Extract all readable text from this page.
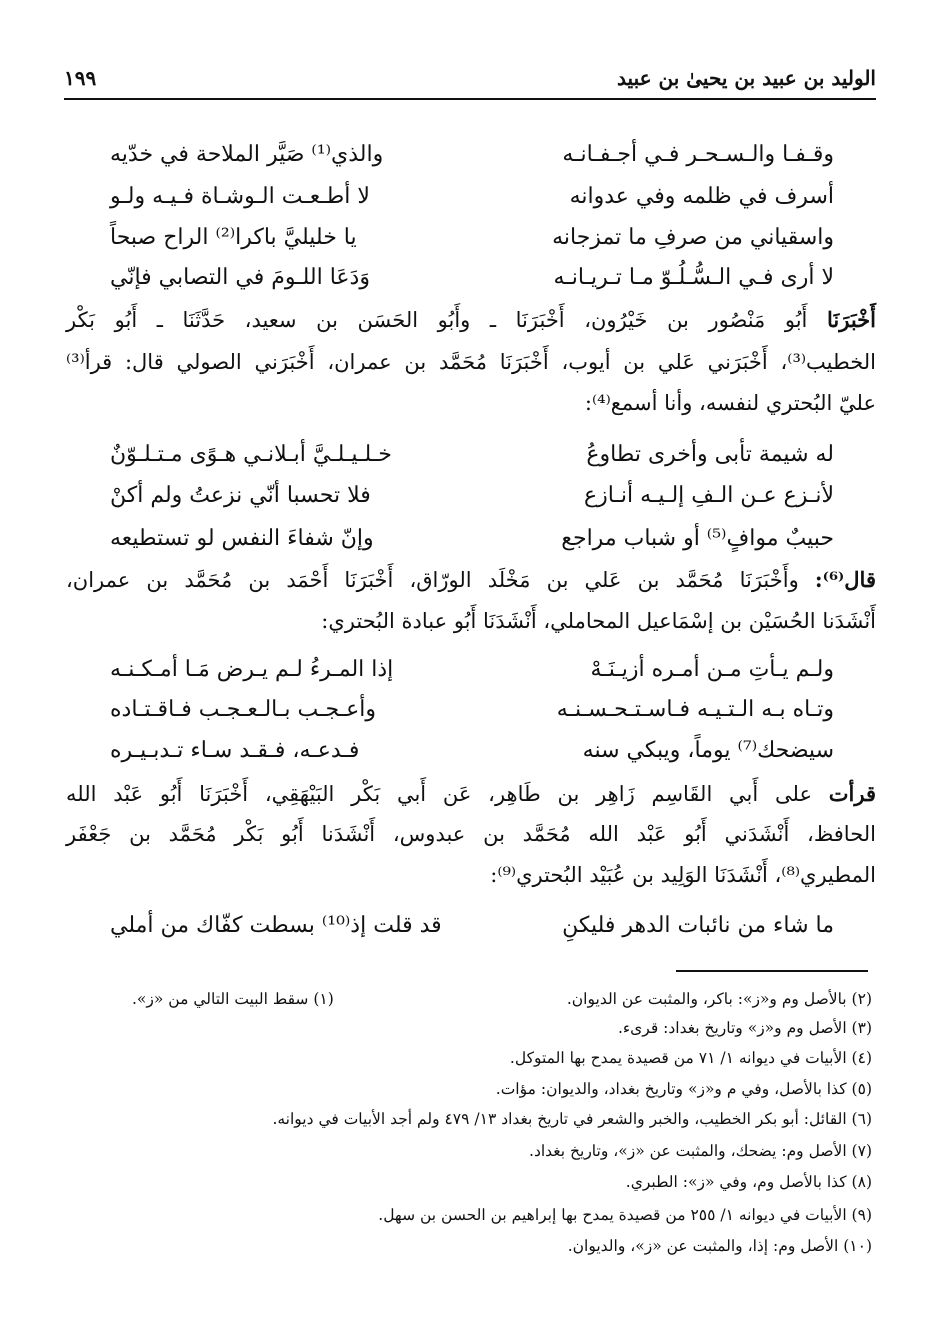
١٩٩	الوليد بن عبيد بن يحيىٰ بن عبيد
والذي⁽¹⁾ صَيَّر الملاحة في خدّيه	وقـفـا والـسـحـر فـي أجـفـانـه
لا أطـعـت الـوشـاة فـيـه ولـو	أسرف في ظلمه وفي عدوانه
يا خليليَّ باكرا⁽²⁾ الراح صبحاً	واسقياني من صرفِ ما تمزجانه
وَدَعَا اللـومَ في التصابي فإنّي	لا أرى فـي الـسُّـلُـوّ مـا تـريـانـه
أَخْبَرَنَا أَبُو مَنْصُور بن خَيْرُون، أَخْبَرَنَا ـ وأَبُو الحَسَن بن سعيد، حَدَّثَنَا ـ أَبُو بَكْر
الخطيب⁽³⁾، أَخْبَرَني عَلي بن أيوب، أَخْبَرَنَا مُحَمَّد بن عمران، أَخْبَرَني الصولي قال: قرأ⁽³⁾
عليّ البُحتري لنفسه، وأنا أسمع⁽⁴⁾:
خـلـيـلـيَّ أبـلانـي هـوًى مـتـلـوّنٌ	له شيمة تأبى وأخرى تطاوعُ
فلا تحسبا أنّي نزعتُ ولم أكنْ	لأنـزع عـن الـفِ إلـيـه أنـازع
وإنّ شفاءَ النفس لو تستطيعه	حبيبٌ موافٍ⁽⁵⁾ أو شباب مراجع
قال⁽⁶⁾: وأَخْبَرَنَا مُحَمَّد بن عَلي بن مَخْلَد الورّاق، أَخْبَرَنَا أَحْمَد بن مُحَمَّد بن عمران،
أَنْشَدَنا الحُسَيْن بن إسْمَاعيل المحاملي، أَنْشَدَنَا أَبُو عبادة البُحتري:
إذا المـرءُ لـم يـرض مَـا أمـكـنـه	ولـم يـأتِ مـن أمـره أزيـنَـهْ
وأعـجـب بـالـعـجـب فـاقـتـاده	وتـاه بـه الـتـيـه فـاسـتـحـسـنـه
فـدعـه، فـقـد سـاء تـدبـيـره	سيضحك⁽⁷⁾ يوماً، ويبكي سنه
قرأت على أَبي القَاسِم زَاهِر بن طَاهِر، عَن أَبي بَكْر البَيْهَقِي، أَخْبَرَنَا أَبُو عَبْد الله
الحافظ، أَنْشَدَني أَبُو عَبْد الله مُحَمَّد بن عبدوس، أَنْشَدَنا أَبُو بَكْر مُحَمَّد بن جَعْفَر
المطيري⁽⁸⁾، أَنْشَدَنَا الوَلِيد بن عُبَيْد البُحتري⁽⁹⁾:
قد قلت إذ⁽¹⁰⁾ بسطت كفّاك من أملي	ما شاء من نائبات الدهر فليكنِ
(١) سقط البيت التالي من «ز».	(٢) بالأصل وم و«ز»: باكر، والمثبت عن الديوان.
(٣) الأصل وم و«ز» وتاريخ بغداد: قرىء.
(٤) الأبيات في ديوانه ١/ ٧١ من قصيدة يمدح بها المتوكل.
(٥) كذا بالأصل، وفي م و«ز» وتاريخ بغداد، والديوان: مؤات.
(٦) القائل: أبو بكر الخطيب، والخبر والشعر في تاريخ بغداد ١٣/ ٤٧٩ ولم أجد الأبيات في ديوانه.
(٧) الأصل وم: يضحك، والمثبت عن «ز»، وتاريخ بغداد.
(٨) كذا بالأصل وم، وفي «ز»: الطبري.
(٩) الأبيات في ديوانه ١/ ٢٥٥ من قصيدة يمدح بها إبراهيم بن الحسن بن سهل.
(١٠) الأصل وم: إذا، والمثبت عن «ز»، والديوان.
